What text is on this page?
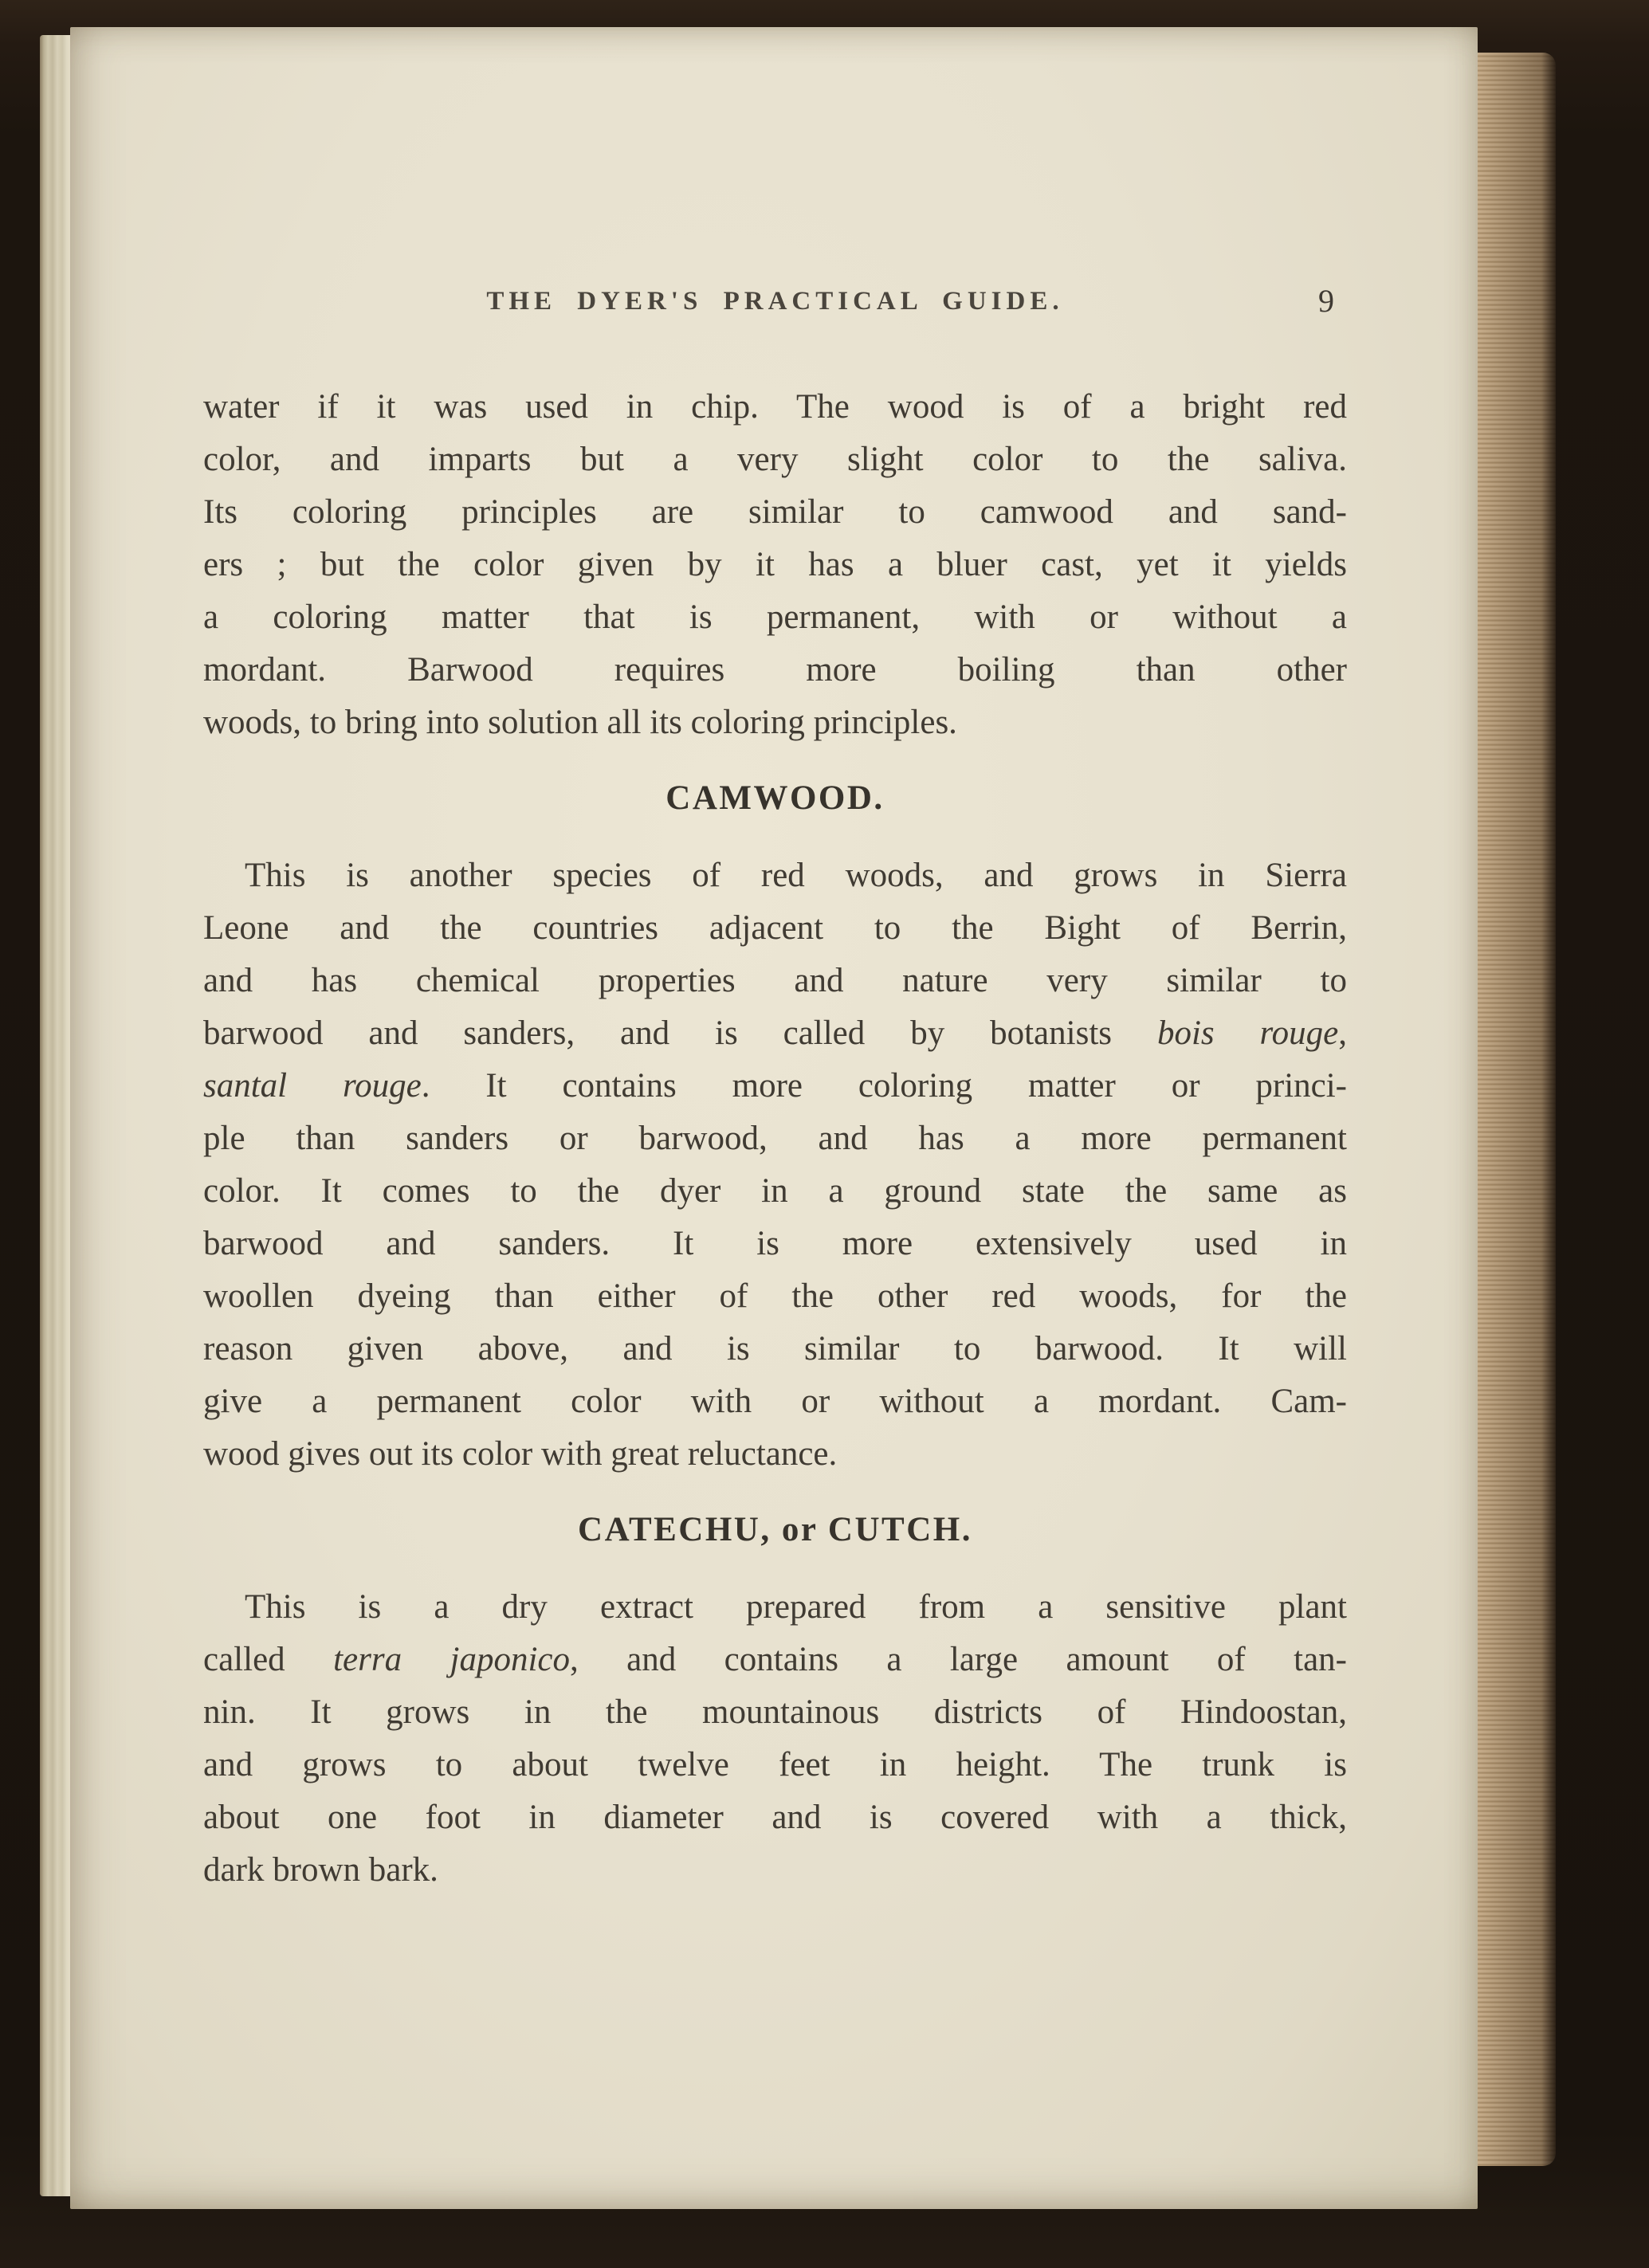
THE DYER'S PRACTICAL GUIDE.	9
water if it was used in chip. The wood is of a bright red
color, and imparts but a very slight color to the saliva.
Its coloring principles are similar to camwood and sand-
ers ; but the color given by it has a bluer cast, yet it yields
a coloring matter that is permanent, with or without a
mordant. Barwood requires more boiling than other
woods, to bring into solution all its coloring principles.
CAMWOOD.
This is another species of red woods, and grows in Sierra
Leone and the countries adjacent to the Bight of Berrin,
and has chemical properties and nature very similar to
barwood and sanders, and is called by botanists bois rouge,
santal rouge. It contains more coloring matter or princi-
ple than sanders or barwood, and has a more permanent
color. It comes to the dyer in a ground state the same as
barwood and sanders. It is more extensively used in
woollen dyeing than either of the other red woods, for the
reason given above, and is similar to barwood. It will
give a permanent color with or without a mordant. Cam-
wood gives out its color with great reluctance.
CATECHU, or CUTCH.
This is a dry extract prepared from a sensitive plant
called terra japonico, and contains a large amount of tan-
nin. It grows in the mountainous districts of Hindoostan,
and grows to about twelve feet in height. The trunk is
about one foot in diameter and is covered with a thick,
dark brown bark.
